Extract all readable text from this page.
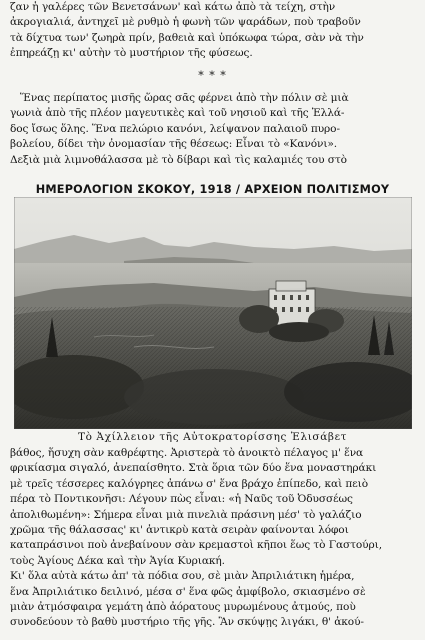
ζαν ἡ γαλέρες τῶν Βενετσάνων' καὶ κάτω ἀπὸ τὰ τείχη, στὴν
ἀκρογιαλιά, ἀντηχεῖ μὲ ρυθμὸ ἡ φωνὴ τῶν ψαράδων, ποὺ τραβοῦν
τὰ δίχτυα των' ζωηρὰ πρίν, βαθειὰ καὶ ὑπόκωφα τώρα, σὰν νὰ τὴν
ἐπηρεάζῃ κι' αὐτὴν τὸ μυστήριον τῆς φύσεως.

* * *

Ἕνας περίπατος μισῆς ὥρας σᾶς φέρνει ἀπὸ τὴν πόλιν σὲ μιὰ
γωνιὰ ἀπὸ τῆς πλέον μαγευτικὲς καὶ τοῦ νησιοῦ καὶ τῆς Ἑλλά-
δος ἴσως ὅλης. Ἕνα πελώριο κανόνι, λείψανον παλαιοῦ πυρο-
βολείου, δίδει τὴν ὀνομασίαν τῆς θέσεως: Εἶναι τὸ «Κανόνι».
Δεξιὰ μιὰ λιμνοθάλασσα μὲ τὸ δίβαρι καὶ τὶς καλαμιές του στὸ

ΗΜΕΡΟΛΟΓΙΟΝ ΣΚΟΚΟΥ, 1918 / ΑΡΧΕΙΟΝ ΠΟΛΙΤΙΣΜΟΥ
Τὸ Ἀχίλλειον τῆς Αὐτοκρατορίσσης Ἐλισάβετ

βάθος, ἥσυχη σὰν καθρέφτης. Ἀριστερὰ τὸ ἀνοικτὸ πέλαγος μ' ἕνα
φρικίασμα σιγαλό, ἀνεπαίσθητο. Στὰ ὅρια τῶν δύο ἕνα μοναστηράκι
μὲ τρεῖς τέσσερες καλόγρηες ἀπάνω σ' ἕνα βράχο ἐπίπεδο, καὶ πειὸ
πέρα τὸ Ποντικονῆσι: Λέγουν πὼς εἶναι: «ἡ Ναῦς τοῦ Ὀδυσσέως
ἀπολιθωμένη»: Σήμερα εἶναι μιὰ πινελιὰ πράσινη μέσ' τὸ γαλάζιο
χρῶμα τῆς θάλασσας' κι' ἀντικρὺ κατὰ σειρὰν φαίνονται λόφοι
καταπράσινοι ποὺ ἀνεβαίνουν σὰν κρεμαστοὶ κῆποι ἕως τὸ Γαστούρι,
τοὺς Ἁγίους Δέκα καὶ τὴν Ἁγία Κυριακή.
Κι' ὅλα αὐτὰ κάτω ἀπ' τὰ πόδια σου, σὲ μιὰν Ἀπριλιάτικη ἡμέρα,
ἕνα Ἀπριλιάτικο δειλινό, μέσα σ' ἕνα φῶς ἀμφίβολο, σκιασμένο σὲ
μιὰν ἀτμόσφαιρα γεμάτη ἀπὸ ἀόρατους μυρωμένους ἀτμούς, ποὺ
συνοδεύουν τὸ βαθὺ μυστήριο τῆς γῆς. Ἂν σκύψῃς λιγάκι, θ' ἀκού-
